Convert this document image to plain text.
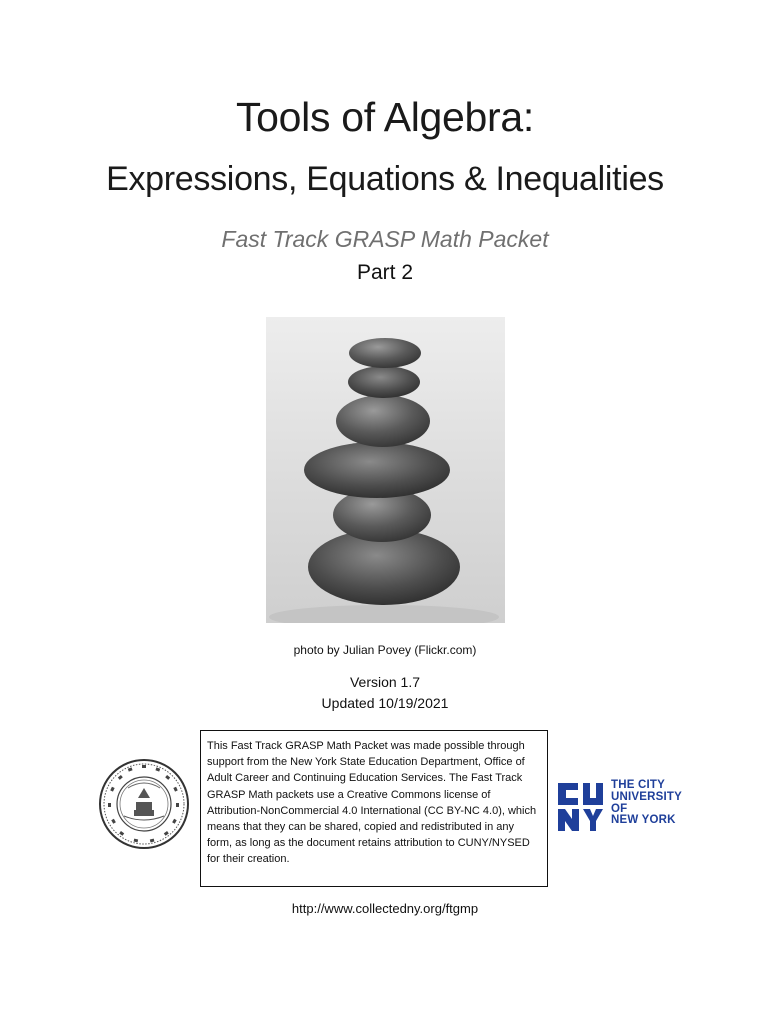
Tools of Algebra:
Expressions, Equations & Inequalities
Fast Track GRASP Math Packet
Part 2
photo by Julian Povey (Flickr.com)
Version 1.7
Updated 10/19/2021
This Fast Track GRASP Math Packet was made possible through support from the New York State Education Department, Office of Adult Career and Continuing Education Services. The Fast Track GRASP Math packets use a Creative Commons license of Attribution-NonCommercial 4.0 International (CC BY-NC 4.0), which means that they can be shared, copied and redistributed in any form, as long as the document retains attribution to CUNY/NYSED for their creation.
THE CITY
UNIVERSITY
OF
NEW YORK
http://www.collectedny.org/ftgmp
